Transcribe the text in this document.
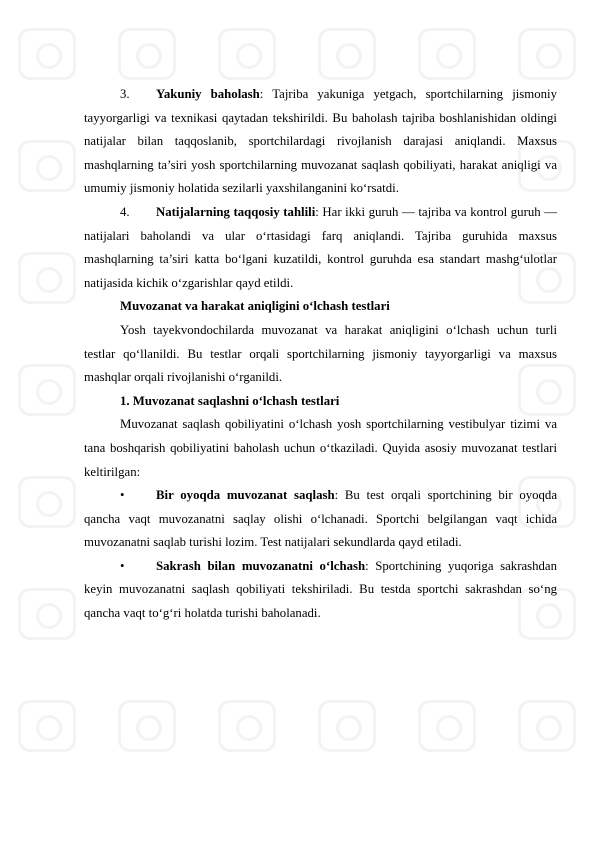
3. Yakuniy baholash: Tajriba yakuniga yetgach, sportchilarning jismoniy tayyorgarligi va texnikasi qaytadan tekshirildi. Bu baholash tajriba boshlanishidan oldingi natijalar bilan taqqoslanib, sportchilardagi rivojlanish darajasi aniqlandi. Maxsus mashqlarning ta’siri yosh sportchilarning muvozanat saqlash qobiliyati, harakat aniqligi va umumiy jismoniy holatida sezilarli yaxshilanganini ko‘rsatdi.

4. Natijalarning taqqosiy tahlili: Har ikki guruh — tajriba va kontrol guruh — natijalari baholandi va ular o‘rtasidagi farq aniqlandi. Tajriba guruhida maxsus mashqlarning ta’siri katta bo‘lgani kuzatildi, kontrol guruhda esa standart mashg‘ulotlar natijasida kichik o‘zgarishlar qayd etildi.

Muvozanat va harakat aniqligini o‘lchash testlari

Yosh tayekvondochilarda muvozanat va harakat aniqligini o‘lchash uchun turli testlar qo‘llanildi. Bu testlar orqali sportchilarning jismoniy tayyorgarligi va maxsus mashqlar orqali rivojlanishi o‘rganildi.

1. Muvozanat saqlashni o‘lchash testlari

Muvozanat saqlash qobiliyatini o‘lchash yosh sportchilarning vestibulyar tizimi va tana boshqarish qobiliyatini baholash uchun o‘tkaziladi. Quyida asosiy muvozanat testlari keltirilgan:

• Bir oyoqda muvozanat saqlash: Bu test orqali sportchining bir oyoqda qancha vaqt muvozanatni saqlay olishi o‘lchanadi. Sportchi belgilangan vaqt ichida muvozanatni saqlab turishi lozim. Test natijalari sekundlarda qayd etiladi.

• Sakrash bilan muvozanatni o‘lchash: Sportchining yuqoriga sakrashdan keyin muvozanatni saqlash qobiliyati tekshiriladi. Bu testda sportchi sakrashdan so‘ng qancha vaqt to‘g‘ri holatda turishi baholanadi.
